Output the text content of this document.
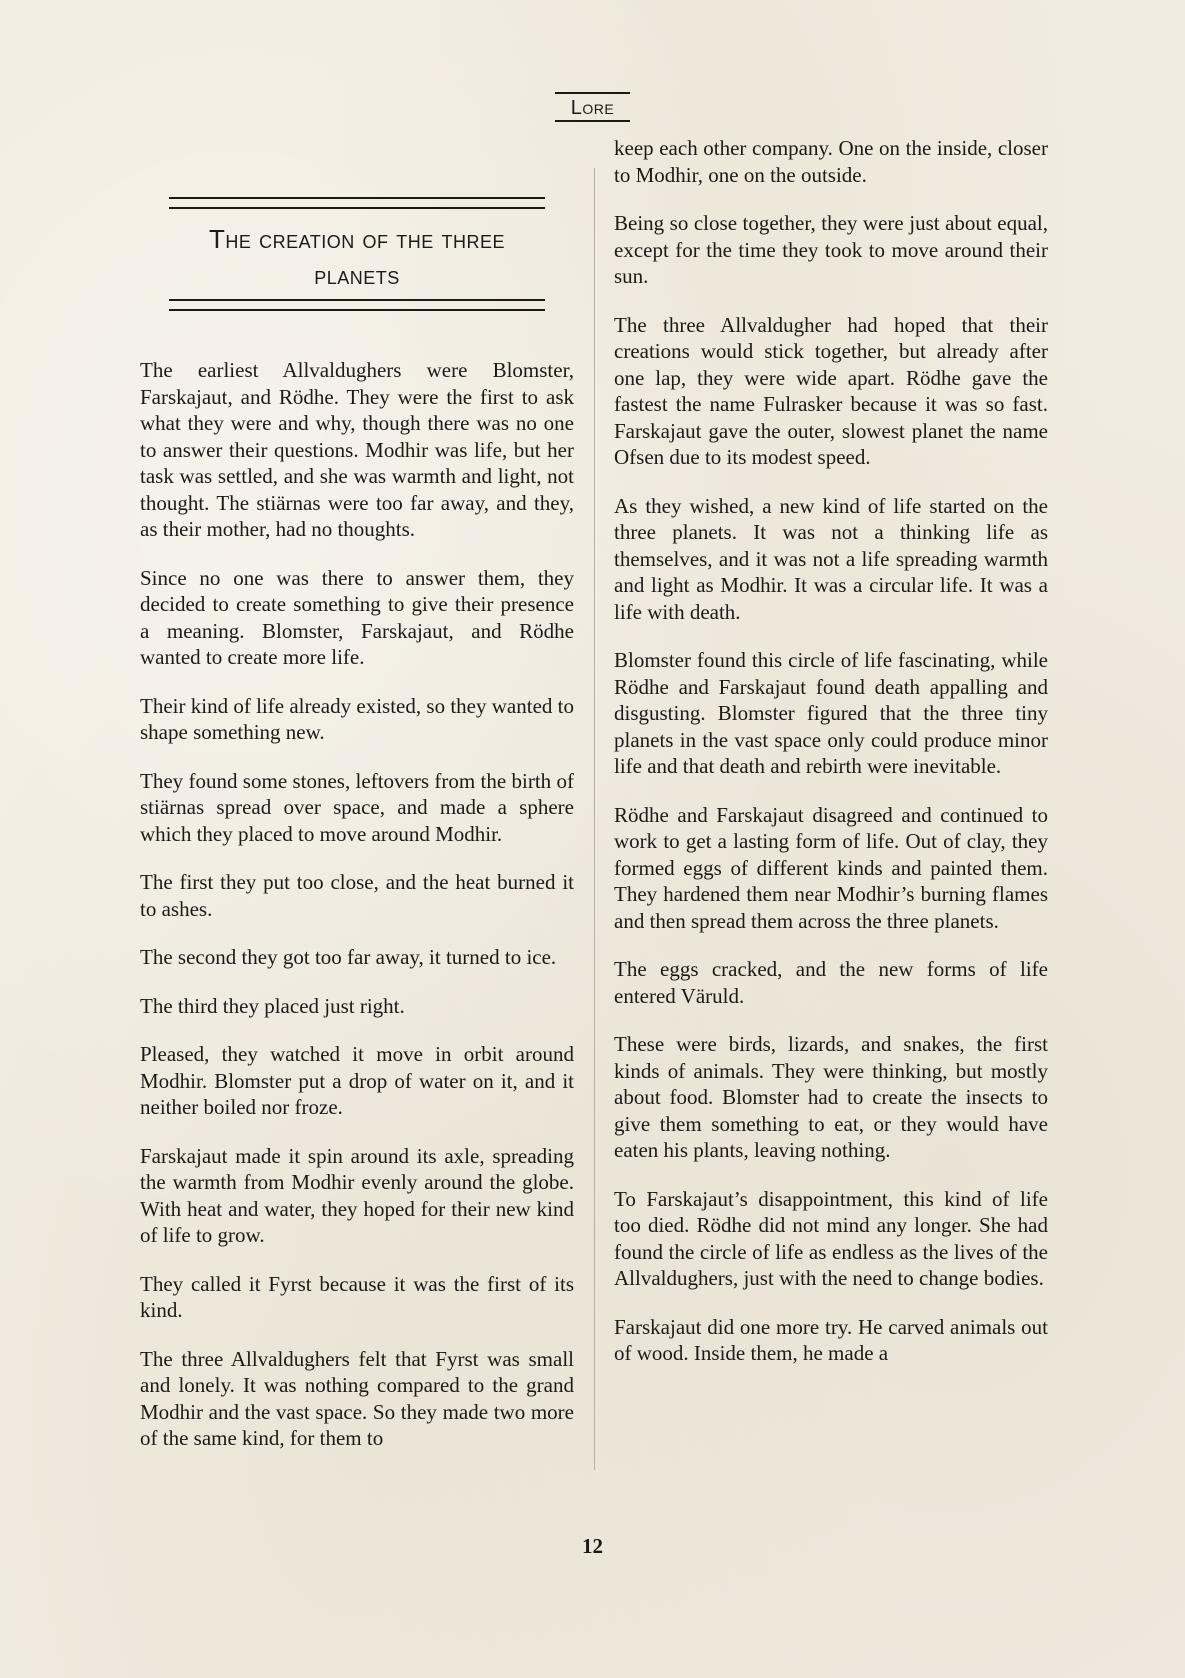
Lore
The creation of the three planets

The earliest Allvaldughers were Blomster, Farskajaut, and Rödhe. They were the first to ask what they were and why, though there was no one to answer their questions. Modhir was life, but her task was settled, and she was warmth and light, not thought. The stiärnas were too far away, and they, as their mother, had no thoughts.

Since no one was there to answer them, they decided to create something to give their presence a meaning. Blomster, Farskajaut, and Rödhe wanted to create more life.

Their kind of life already existed, so they wanted to shape something new.

They found some stones, leftovers from the birth of stiärnas spread over space, and made a sphere which they placed to move around Modhir.

The first they put too close, and the heat burned it to ashes.

The second they got too far away, it turned to ice.

The third they placed just right.

Pleased, they watched it move in orbit around Modhir. Blomster put a drop of water on it, and it neither boiled nor froze.

Farskajaut made it spin around its axle, spreading the warmth from Modhir evenly around the globe. With heat and water, they hoped for their new kind of life to grow.

They called it Fyrst because it was the first of its kind.

The three Allvaldughers felt that Fyrst was small and lonely. It was nothing compared to the grand Modhir and the vast space. So they made two more of the same kind, for them to

keep each other company. One on the inside, closer to Modhir, one on the outside.

Being so close together, they were just about equal, except for the time they took to move around their sun.

The three Allvaldugher had hoped that their creations would stick together, but already after one lap, they were wide apart. Rödhe gave the fastest the name Fulrasker because it was so fast. Farskajaut gave the outer, slowest planet the name Ofsen due to its modest speed.

As they wished, a new kind of life started on the three planets. It was not a thinking life as themselves, and it was not a life spreading warmth and light as Modhir. It was a circular life. It was a life with death.

Blomster found this circle of life fascinating, while Rödhe and Farskajaut found death appalling and disgusting. Blomster figured that the three tiny planets in the vast space only could produce minor life and that death and rebirth were inevitable.

Rödhe and Farskajaut disagreed and continued to work to get a lasting form of life. Out of clay, they formed eggs of different kinds and painted them. They hardened them near Modhir’s burning flames and then spread them across the three planets.

The eggs cracked, and the new forms of life entered Väruld.

These were birds, lizards, and snakes, the first kinds of animals. They were thinking, but mostly about food. Blomster had to create the insects to give them something to eat, or they would have eaten his plants, leaving nothing.

To Farskajaut’s disappointment, this kind of life too died. Rödhe did not mind any longer. She had found the circle of life as endless as the lives of the Allvaldughers, just with the need to change bodies.

Farskajaut did one more try. He carved animals out of wood. Inside them, he made a

12
